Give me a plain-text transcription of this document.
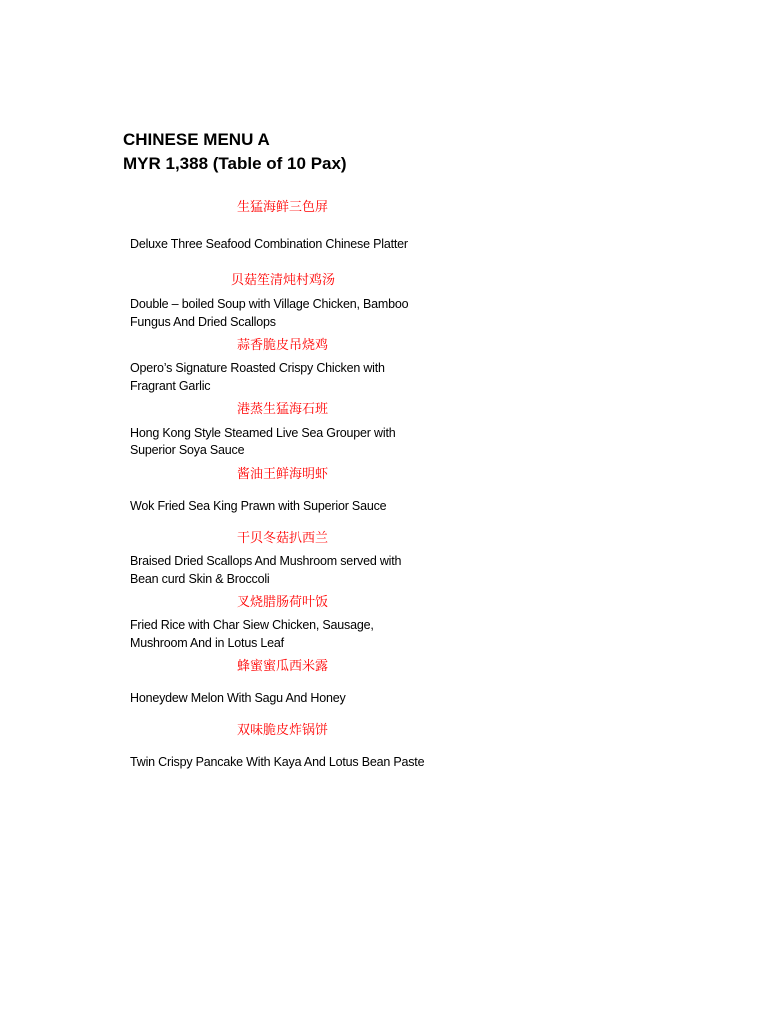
CHINESE MENU A
MYR 1,388 (Table of 10 Pax)
生猛海鲜三色屏
Deluxe Three Seafood Combination Chinese Platter
贝菇笙清炖村鸡汤
Double – boiled Soup with Village Chicken, Bamboo
Fungus And Dried Scallops
蒜香脆皮吊烧鸡
Opero’s Signature Roasted Crispy Chicken with
Fragrant Garlic
港蒸生猛海石班
Hong Kong Style Steamed Live Sea Grouper with
Superior Soya Sauce
酱油王鲜海明虾
Wok Fried Sea King Prawn with Superior Sauce
干贝冬菇扒西兰
Braised Dried Scallops And Mushroom served with
Bean curd Skin & Broccoli
叉烧腊肠荷叶饭
Fried Rice with Char Siew Chicken, Sausage,
Mushroom And in Lotus Leaf
蜂蜜蜜瓜西米露
Honeydew Melon With Sagu And Honey
双味脆皮炸锅饼
Twin Crispy Pancake With Kaya And Lotus Bean Paste
